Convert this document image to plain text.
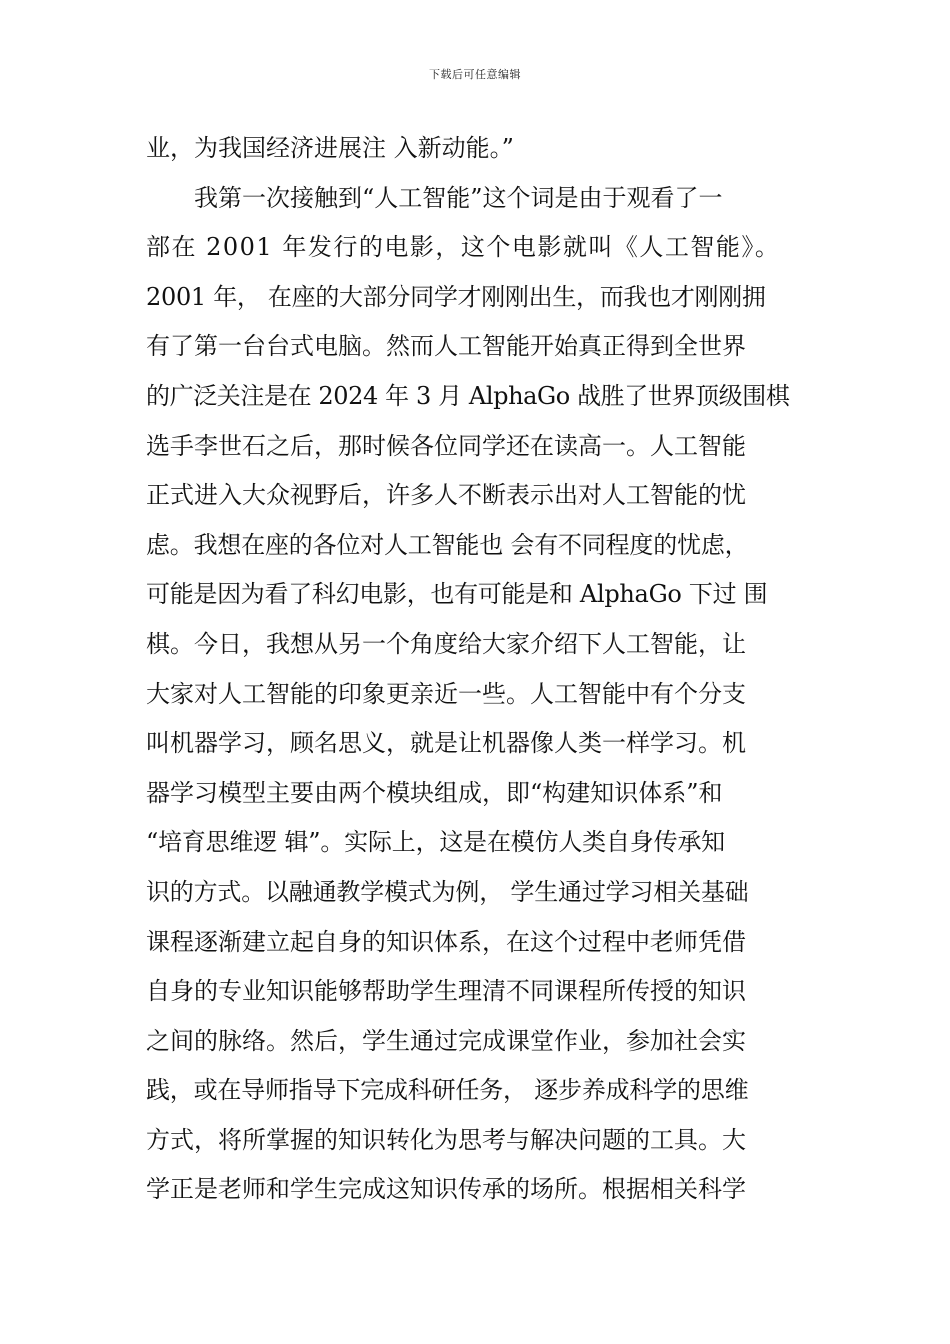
下载后可任意编辑
业，为我国经济进展注 入新动能。”
我第一次接触到“人工智能”这个词是由于观看了一
部在 2001 年发行的电影，这个电影就叫《人工智能》。
2001 年， 在座的大部分同学才刚刚出生，而我也才刚刚拥
有了第一台台式电脑。然而人工智能开始真正得到全世界
的广泛关注是在 2024 年 3 月 AlphaGo 战胜了世界顶级围棋
选手李世石之后，那时候各位同学还在读高一。人工智能
正式进入大众视野后，许多人不断表示出对人工智能的忧
虑。我想在座的各位对人工智能也 会有不同程度的忧虑，
可能是因为看了科幻电影，也有可能是和 AlphaGo 下过 围
棋。今日，我想从另一个角度给大家介绍下人工智能，让
大家对人工智能的印象更亲近一些。人工智能中有个分支
叫机器学习，顾名思义，就是让机器像人类一样学习。机
器学习模型主要由两个模块组成，即“构建知识体系”和
“培育思维逻 辑”。实际上，这是在模仿人类自身传承知
识的方式。以融通教学模式为例， 学生通过学习相关基础
课程逐渐建立起自身的知识体系，在这个过程中老师凭借
自身的专业知识能够帮助学生理清不同课程所传授的知识
之间的脉络。然后，学生通过完成课堂作业，参加社会实
践，或在导师指导下完成科研任务， 逐步养成科学的思维
方式，将所掌握的知识转化为思考与解决问题的工具。大
学正是老师和学生完成这知识传承的场所。根据相关科学
